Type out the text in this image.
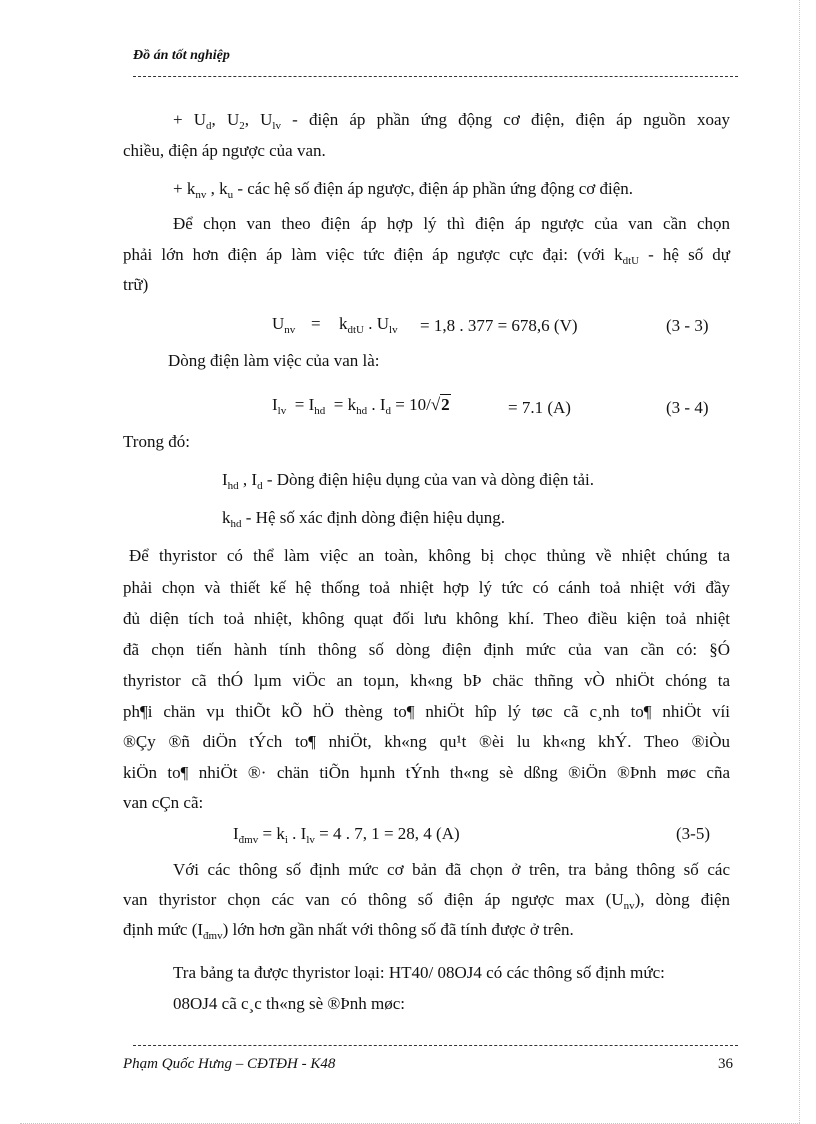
Đồ án tốt nghiệp
+ $U_d$, $U_2$, $U_{lv}$ - điện áp phần ứng động cơ điện, điện áp nguồn xoay
chiều, điện áp ngược của van.
+ $k_{nv}$ , $k_u$ - các hệ số điện áp ngược, điện áp phần ứng động cơ điện.
Để chọn van theo điện áp hợp lý thì điện áp ngược của van cần chọn
phải lớn hơn điện áp làm việc tức điện áp ngược cực đại: (với $k_{dtU}$ - hệ số dự
trữ)
$U_{nv} = k_{dtU}$ . $U_{lv} = 1,8$ . 377 = 678,6 (V)	(3 - 3)
Dòng điện làm việc của van là:
$I_{lv} = I_{hd} = k_{hd}$ . $I_d = 10/√2$	= 7.1 (A)	(3 - 4)
Trong đó:
$I_{hd}$ , $I_d$ - Dòng điện hiệu dụng của van và dòng điện tải.
$k_{hd}$ - Hệ số xác định dòng điện hiệu dụng.
Để thyristor có thể làm việc an toàn, không bị chọc thủng về nhiệt chúng ta
phải chọn và thiết kế hệ thống toả nhiệt hợp lý tức có cánh toả nhiệt với đầy
đủ diện tích toả nhiệt, không quạt đối lưu không khí. Theo điều kiện toả nhiệt
đã chọn tiến hành tính thông số dòng điện định mức của van cần có: §Ó
thyristor cã thÓ lµm viÖc an toµn, kh«ng bÞ chäc thñng vÒ nhiÖt chóng ta
ph¶i chän vµ thiÕt kÕ hÖ thèng to¶ nhiÖt hîp lý tøc cã c¸nh to¶ nhiÖt víi
®Çy ®ñ diÖn tÝch to¶ nhiÖt, kh«ng qu¹t ®èi lu kh«ng khÝ. Theo ®iÒu
kiÖn to¶ nhiÖt ®· chän tiÕn hµnh tÝnh th«ng sè dßng ®iÖn ®Þnh møc cña
van cÇn cã:
$I_{đmv} = k_i$ . $I_{lv} = 4$ . 7, 1 = 28, 4 (A)	(3-5)
Với các thông số định mức cơ bản đã chọn ở trên, tra bảng thông số các
van thyristor chọn các van có thông số điện áp ngược $\max (U_{nv})$, dòng điện
định mức $(I_{đmv})$ lớn hơn gần nhất với thông số đã tính được ở trên.
Tra bảng ta được thyristor loại: HT40/ 08OJ4 có các thông số định mức:
08OJ4 cã c¸c th«ng sè ®Þnh møc:
Phạm Quốc Hưng – CĐTĐH - K48	36
